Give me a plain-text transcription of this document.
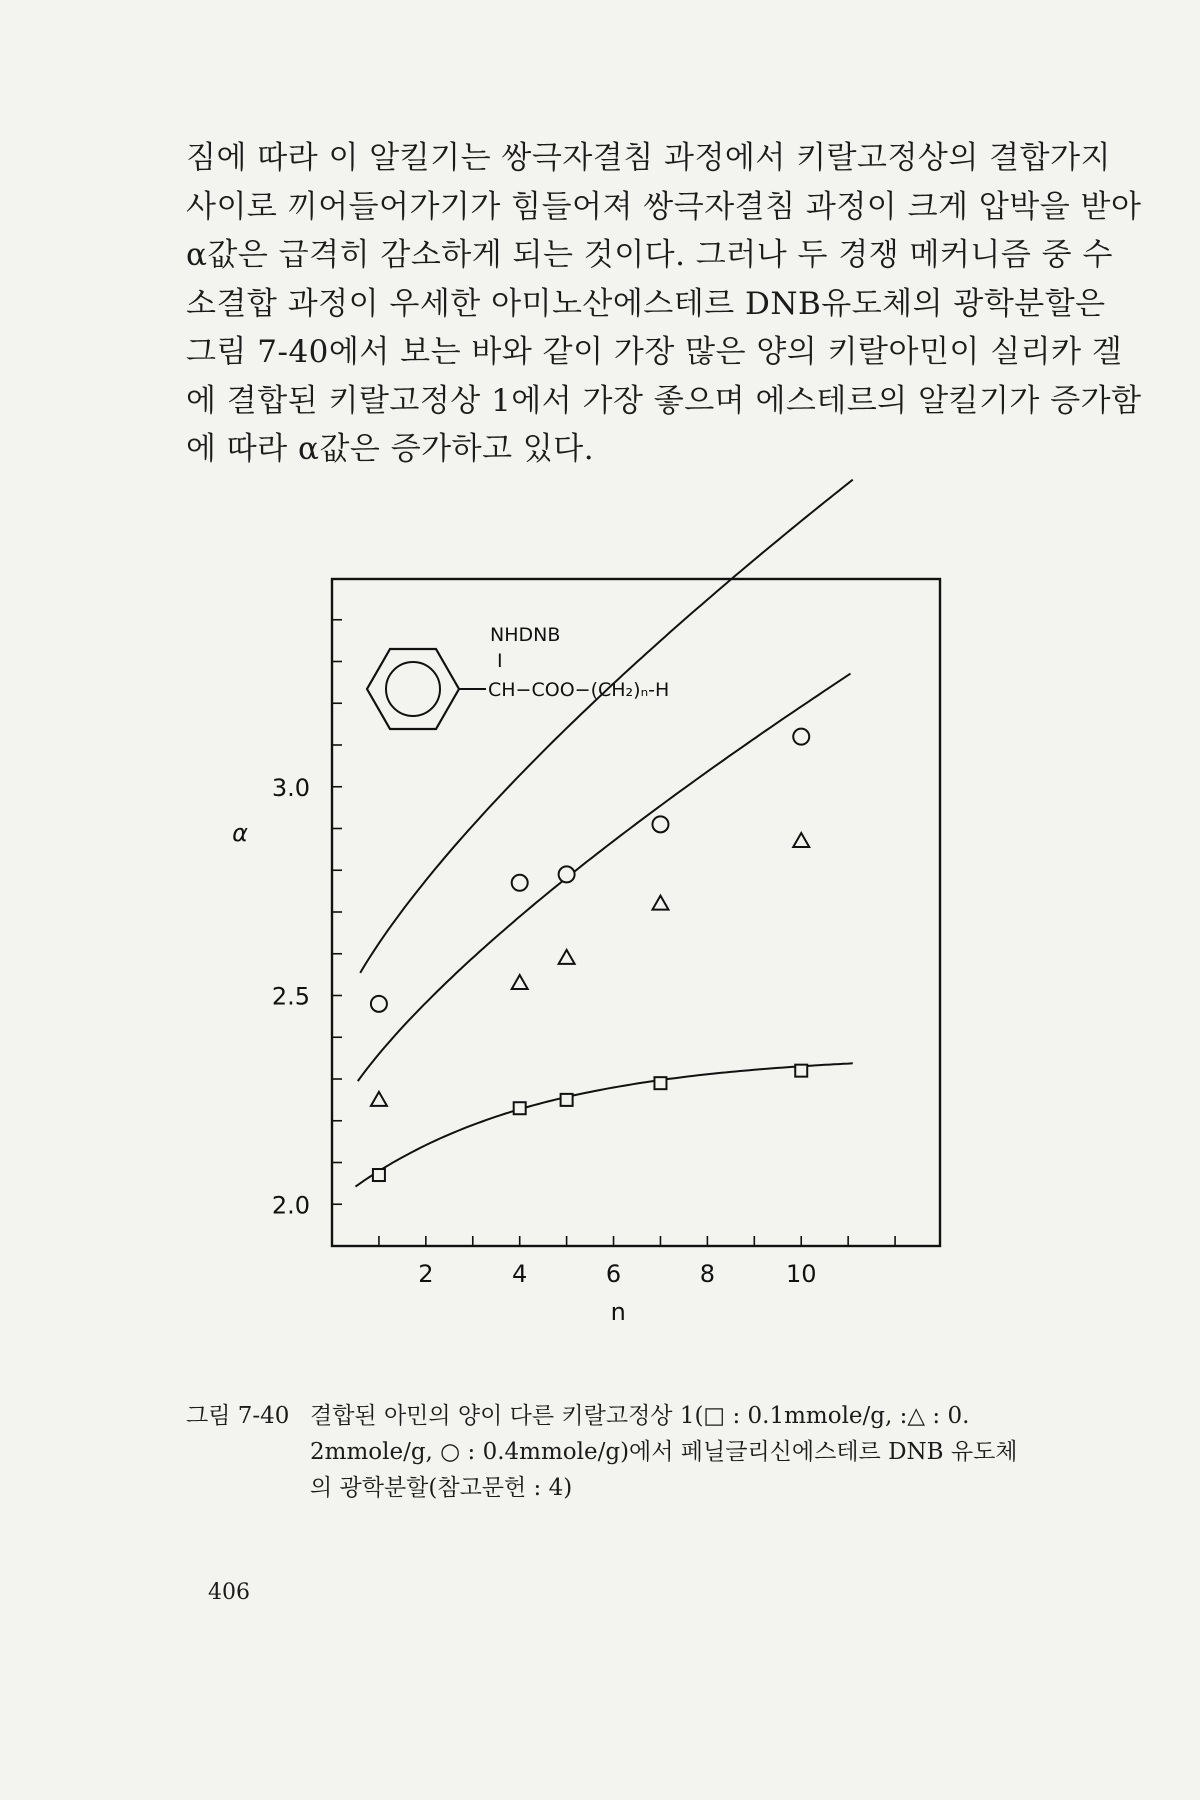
짐에 따라 이 알킬기는 쌍극자결침 과정에서 키랄고정상의 결합가지
사이로 끼어들어가기가 힘들어져 쌍극자결침 과정이 크게 압박을 받아
α값은 급격히 감소하게 되는 것이다. 그러나 두 경쟁 메커니즘 중 수
소결합 과정이 우세한 아미노산에스테르 DNB유도체의 광학분할은
그림 7-40에서 보는 바와 같이 가장 많은 양의 키랄아민이 실리카 겔
에 결합된 키랄고정상 1에서 가장 좋으며 에스테르의 알킬기가 증가함
에 따라 α값은 증가하고 있다.
2.0
2.5
3.0
2	4	6	8	10
n
α
NHDNB
I
CH−COO−(CH₂)ₙ-H
그림 7-40 결합된 아민의 양이 다른 키랄고정상 1(□ : 0.1mmole/g, :△ : 0.
2mmole/g, ○ : 0.4mmole/g)에서 페닐글리신에스테르 DNB 유도체
의 광학분할(참고문헌 : 4)
406
